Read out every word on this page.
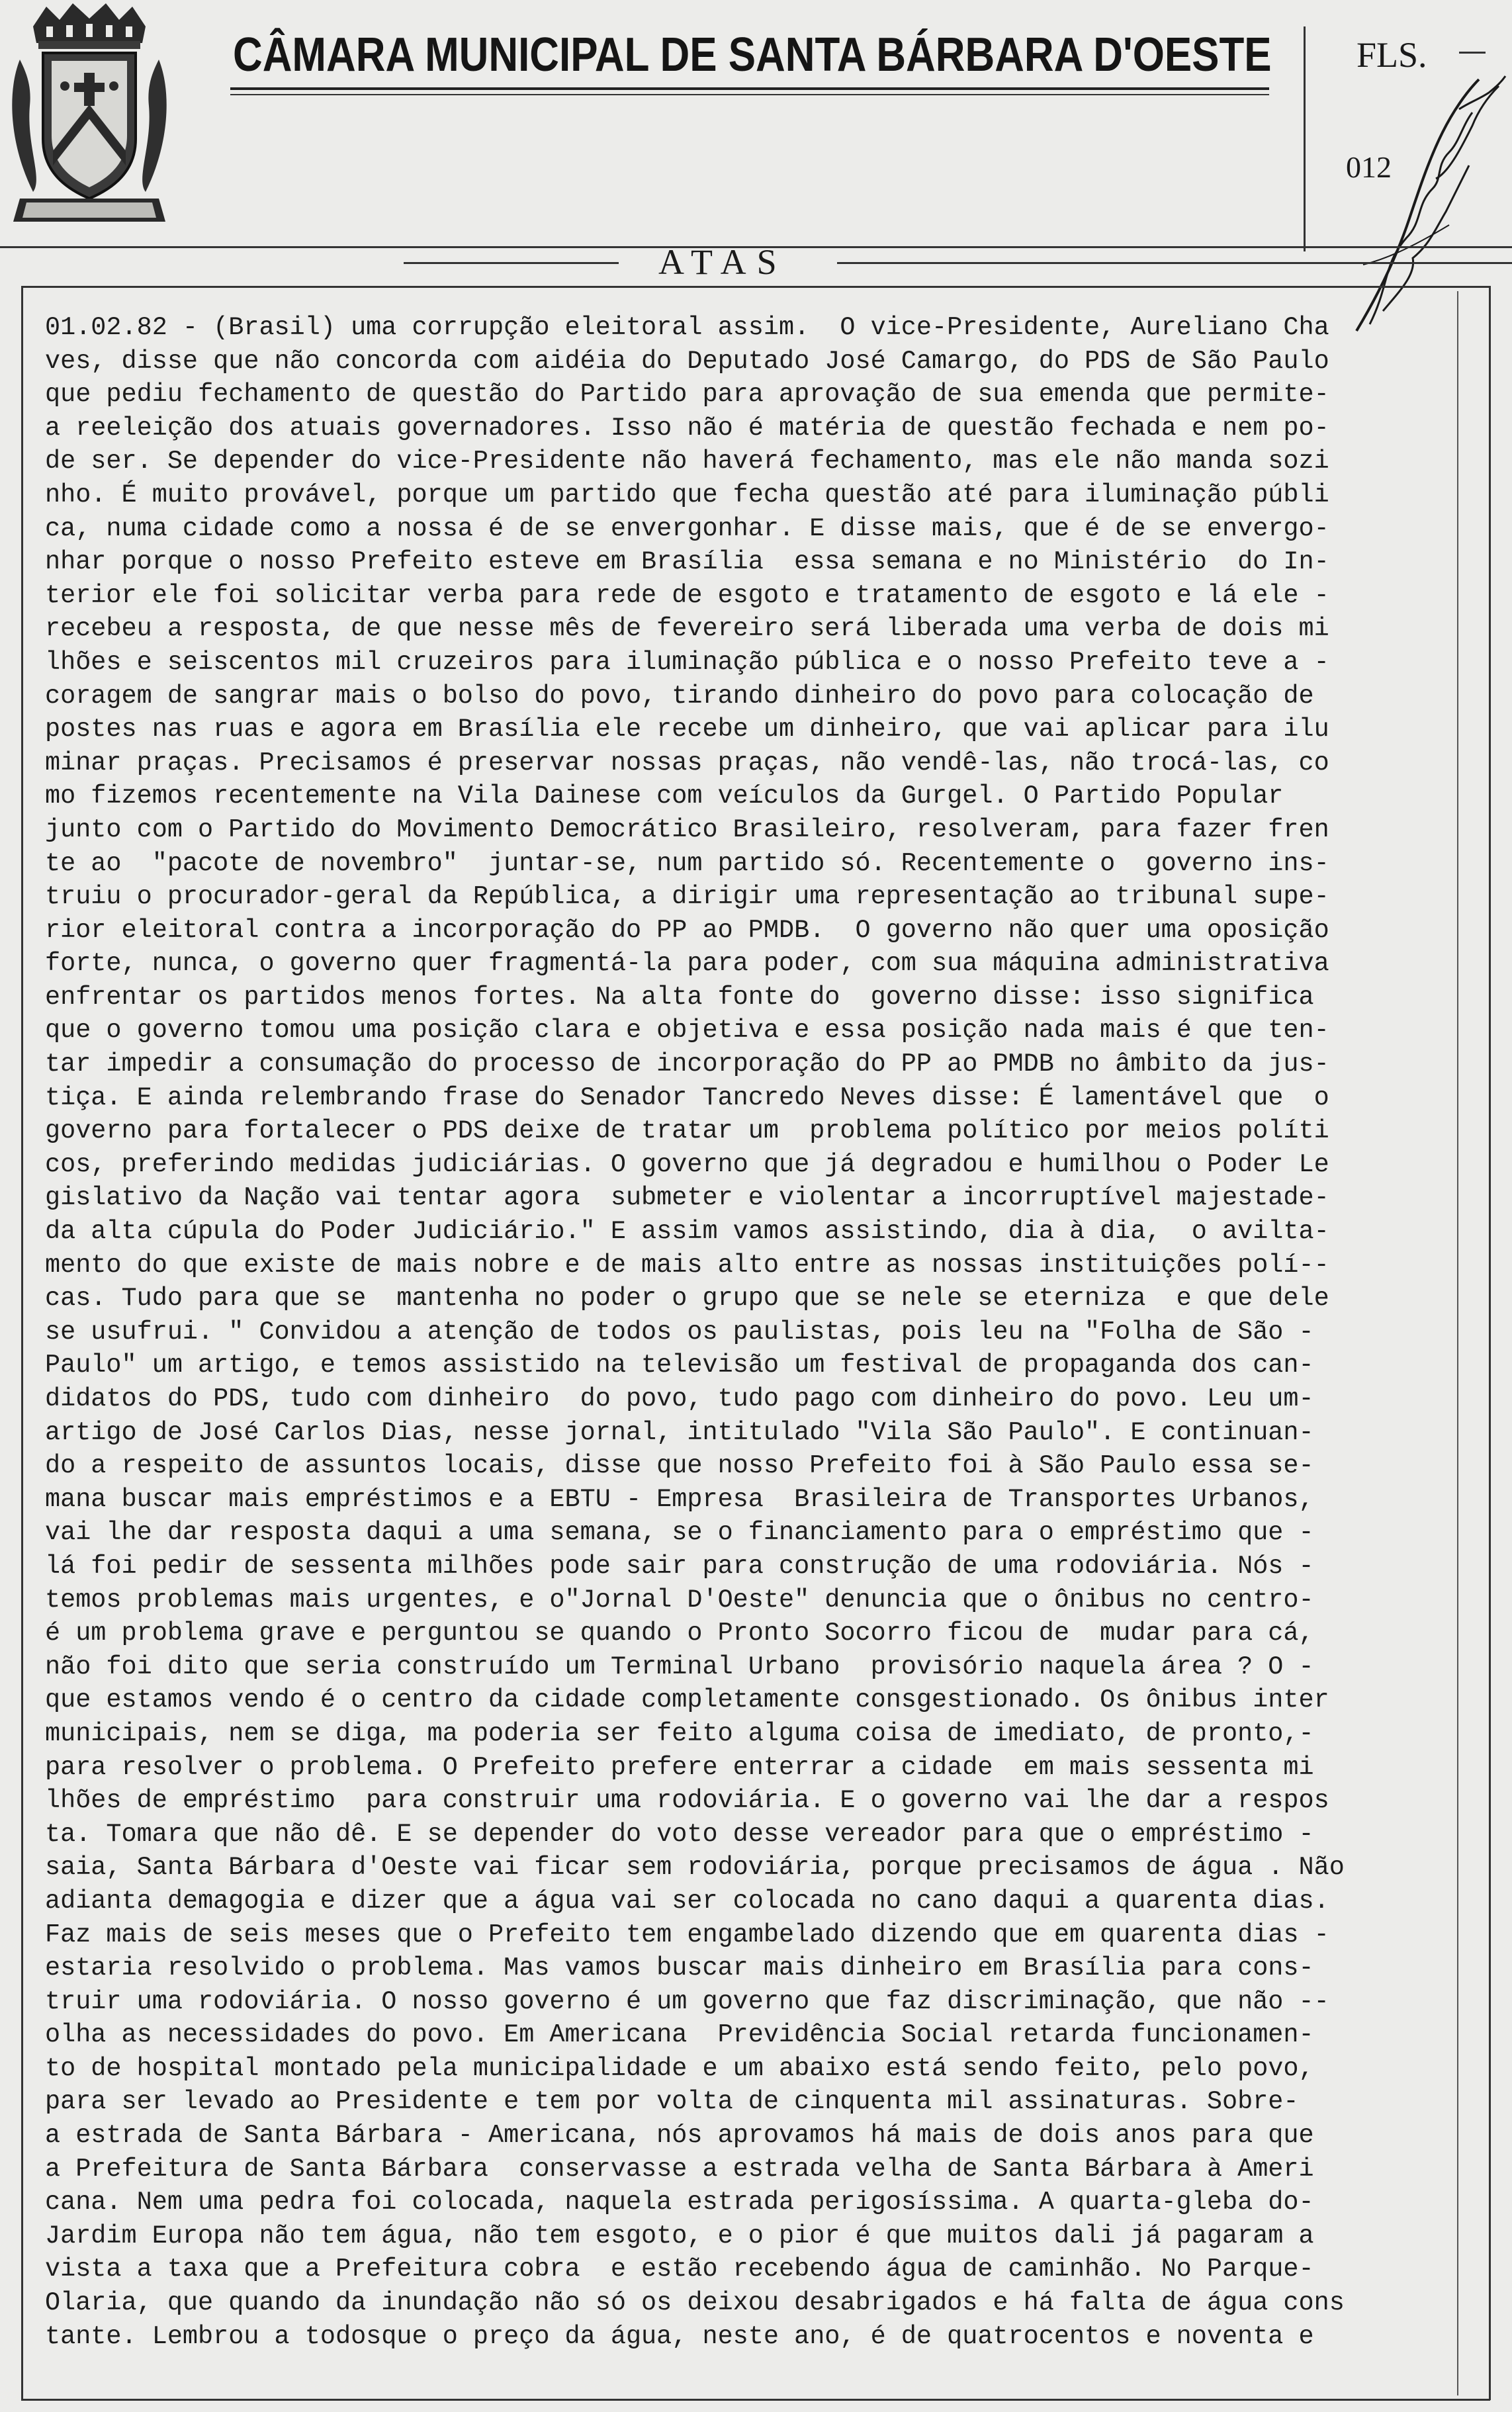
CÂMARA MUNICIPAL DE SANTA BÁRBARA D'OESTE FLS.
012
ATAS
01.02.82 - (Brasil) uma corrupção eleitoral assim.  O vice-Presidente, Aureliano Cha
ves, disse que não concorda com aidéia do Deputado José Camargo, do PDS de São Paulo
que pediu fechamento de questão do Partido para aprovação de sua emenda que permite-
a reeleição dos atuais governadores. Isso não é matéria de questão fechada e nem po-
de ser. Se depender do vice-Presidente não haverá fechamento, mas ele não manda sozi
nho. É muito provável, porque um partido que fecha questão até para iluminação públi
ca, numa cidade como a nossa é de se envergonhar. E disse mais, que é de se envergo-
nhar porque o nosso Prefeito esteve em Brasília  essa semana e no Ministério  do In-
terior ele foi solicitar verba para rede de esgoto e tratamento de esgoto e lá ele -
recebeu a resposta, de que nesse mês de fevereiro será liberada uma verba de dois mi
lhões e seiscentos mil cruzeiros para iluminação pública e o nosso Prefeito teve a -
coragem de sangrar mais o bolso do povo, tirando dinheiro do povo para colocação de
postes nas ruas e agora em Brasília ele recebe um dinheiro, que vai aplicar para ilu
minar praças. Precisamos é preservar nossas praças, não vendê-las, não trocá-las, co
mo fizemos recentemente na Vila Dainese com veículos da Gurgel. O Partido Popular
junto com o Partido do Movimento Democrático Brasileiro, resolveram, para fazer fren
te ao  "pacote de novembro"  juntar-se, num partido só. Recentemente o  governo ins-
truiu o procurador-geral da República, a dirigir uma representação ao tribunal supe-
rior eleitoral contra a incorporação do PP ao PMDB.  O governo não quer uma oposição
forte, nunca, o governo quer fragmentá-la para poder, com sua máquina administrativa
enfrentar os partidos menos fortes. Na alta fonte do  governo disse: isso significa
que o governo tomou uma posição clara e objetiva e essa posição nada mais é que ten-
tar impedir a consumação do processo de incorporação do PP ao PMDB no âmbito da jus-
tiça. E ainda relembrando frase do Senador Tancredo Neves disse: É lamentável que  o
governo para fortalecer o PDS deixe de tratar um  problema político por meios políti
cos, preferindo medidas judiciárias. O governo que já degradou e humilhou o Poder Le
gislativo da Nação vai tentar agora  submeter e violentar a incorruptível majestade-
da alta cúpula do Poder Judiciário." E assim vamos assistindo, dia à dia,  o avilta-
mento do que existe de mais nobre e de mais alto entre as nossas instituições polí--
cas. Tudo para que se  mantenha no poder o grupo que se nele se eterniza  e que dele
se usufrui. " Convidou a atenção de todos os paulistas, pois leu na "Folha de São -
Paulo" um artigo, e temos assistido na televisão um festival de propaganda dos can-
didatos do PDS, tudo com dinheiro  do povo, tudo pago com dinheiro do povo. Leu um-
artigo de José Carlos Dias, nesse jornal, intitulado "Vila São Paulo". E continuan-
do a respeito de assuntos locais, disse que nosso Prefeito foi à São Paulo essa se-
mana buscar mais empréstimos e a EBTU - Empresa  Brasileira de Transportes Urbanos,
vai lhe dar resposta daqui a uma semana, se o financiamento para o empréstimo que -
lá foi pedir de sessenta milhões pode sair para construção de uma rodoviária. Nós -
temos problemas mais urgentes, e o"Jornal D'Oeste" denuncia que o ônibus no centro-
é um problema grave e perguntou se quando o Pronto Socorro ficou de  mudar para cá,
não foi dito que seria construído um Terminal Urbano  provisório naquela área ? O -
que estamos vendo é o centro da cidade completamente consgestionado. Os ônibus inter
municipais, nem se diga, ma poderia ser feito alguma coisa de imediato, de pronto,-
para resolver o problema. O Prefeito prefere enterrar a cidade  em mais sessenta mi
lhões de empréstimo  para construir uma rodoviária. E o governo vai lhe dar a respos
ta. Tomara que não dê. E se depender do voto desse vereador para que o empréstimo -
saia, Santa Bárbara d'Oeste vai ficar sem rodoviária, porque precisamos de água . Não
adianta demagogia e dizer que a água vai ser colocada no cano daqui a quarenta dias.
Faz mais de seis meses que o Prefeito tem engambelado dizendo que em quarenta dias -
estaria resolvido o problema. Mas vamos buscar mais dinheiro em Brasília para cons-
truir uma rodoviária. O nosso governo é um governo que faz discriminação, que não --
olha as necessidades do povo. Em Americana  Previdência Social retarda funcionamen-
to de hospital montado pela municipalidade e um abaixo está sendo feito, pelo povo,
para ser levado ao Presidente e tem por volta de cinquenta mil assinaturas. Sobre-
a estrada de Santa Bárbara - Americana, nós aprovamos há mais de dois anos para que
a Prefeitura de Santa Bárbara  conservasse a estrada velha de Santa Bárbara à Ameri
cana. Nem uma pedra foi colocada, naquela estrada perigosíssima. A quarta-gleba do-
Jardim Europa não tem água, não tem esgoto, e o pior é que muitos dali já pagaram a
vista a taxa que a Prefeitura cobra  e estão recebendo água de caminhão. No Parque-
Olaria, que quando da inundação não só os deixou desabrigados e há falta de água cons
tante. Lembrou a todosque o preço da água, neste ano, é de quatrocentos e noventa e
